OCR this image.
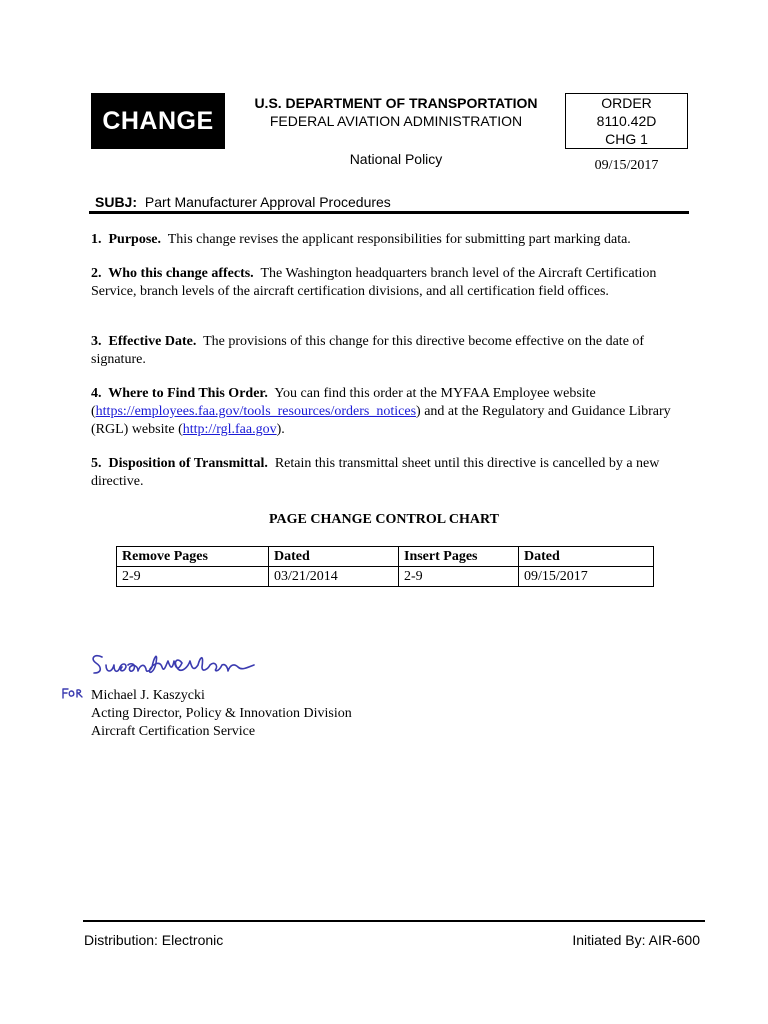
CHANGE
U.S. DEPARTMENT OF TRANSPORTATION
FEDERAL AVIATION ADMINISTRATION
National Policy
ORDER
8110.42D
CHG 1
09/15/2017
SUBJ: Part Manufacturer Approval Procedures
1. Purpose. This change revises the applicant responsibilities for submitting part marking data.
2. Who this change affects. The Washington headquarters branch level of the Aircraft Certification Service, branch levels of the aircraft certification divisions, and all certification field offices.
3. Effective Date. The provisions of this change for this directive become effective on the date of signature.
4. Where to Find This Order. You can find this order at the MYFAA Employee website (https://employees.faa.gov/tools_resources/orders_notices) and at the Regulatory and Guidance Library (RGL) website (http://rgl.faa.gov).
5. Disposition of Transmittal. Retain this transmittal sheet until this directive is cancelled by a new directive.
PAGE CHANGE CONTROL CHART
Remove Pages	Dated	Insert Pages	Dated
2-9	03/21/2014	2-9	09/15/2017
Michael J. Kaszycki
Acting Director, Policy & Innovation Division
Aircraft Certification Service
Distribution: Electronic	Initiated By: AIR-600
